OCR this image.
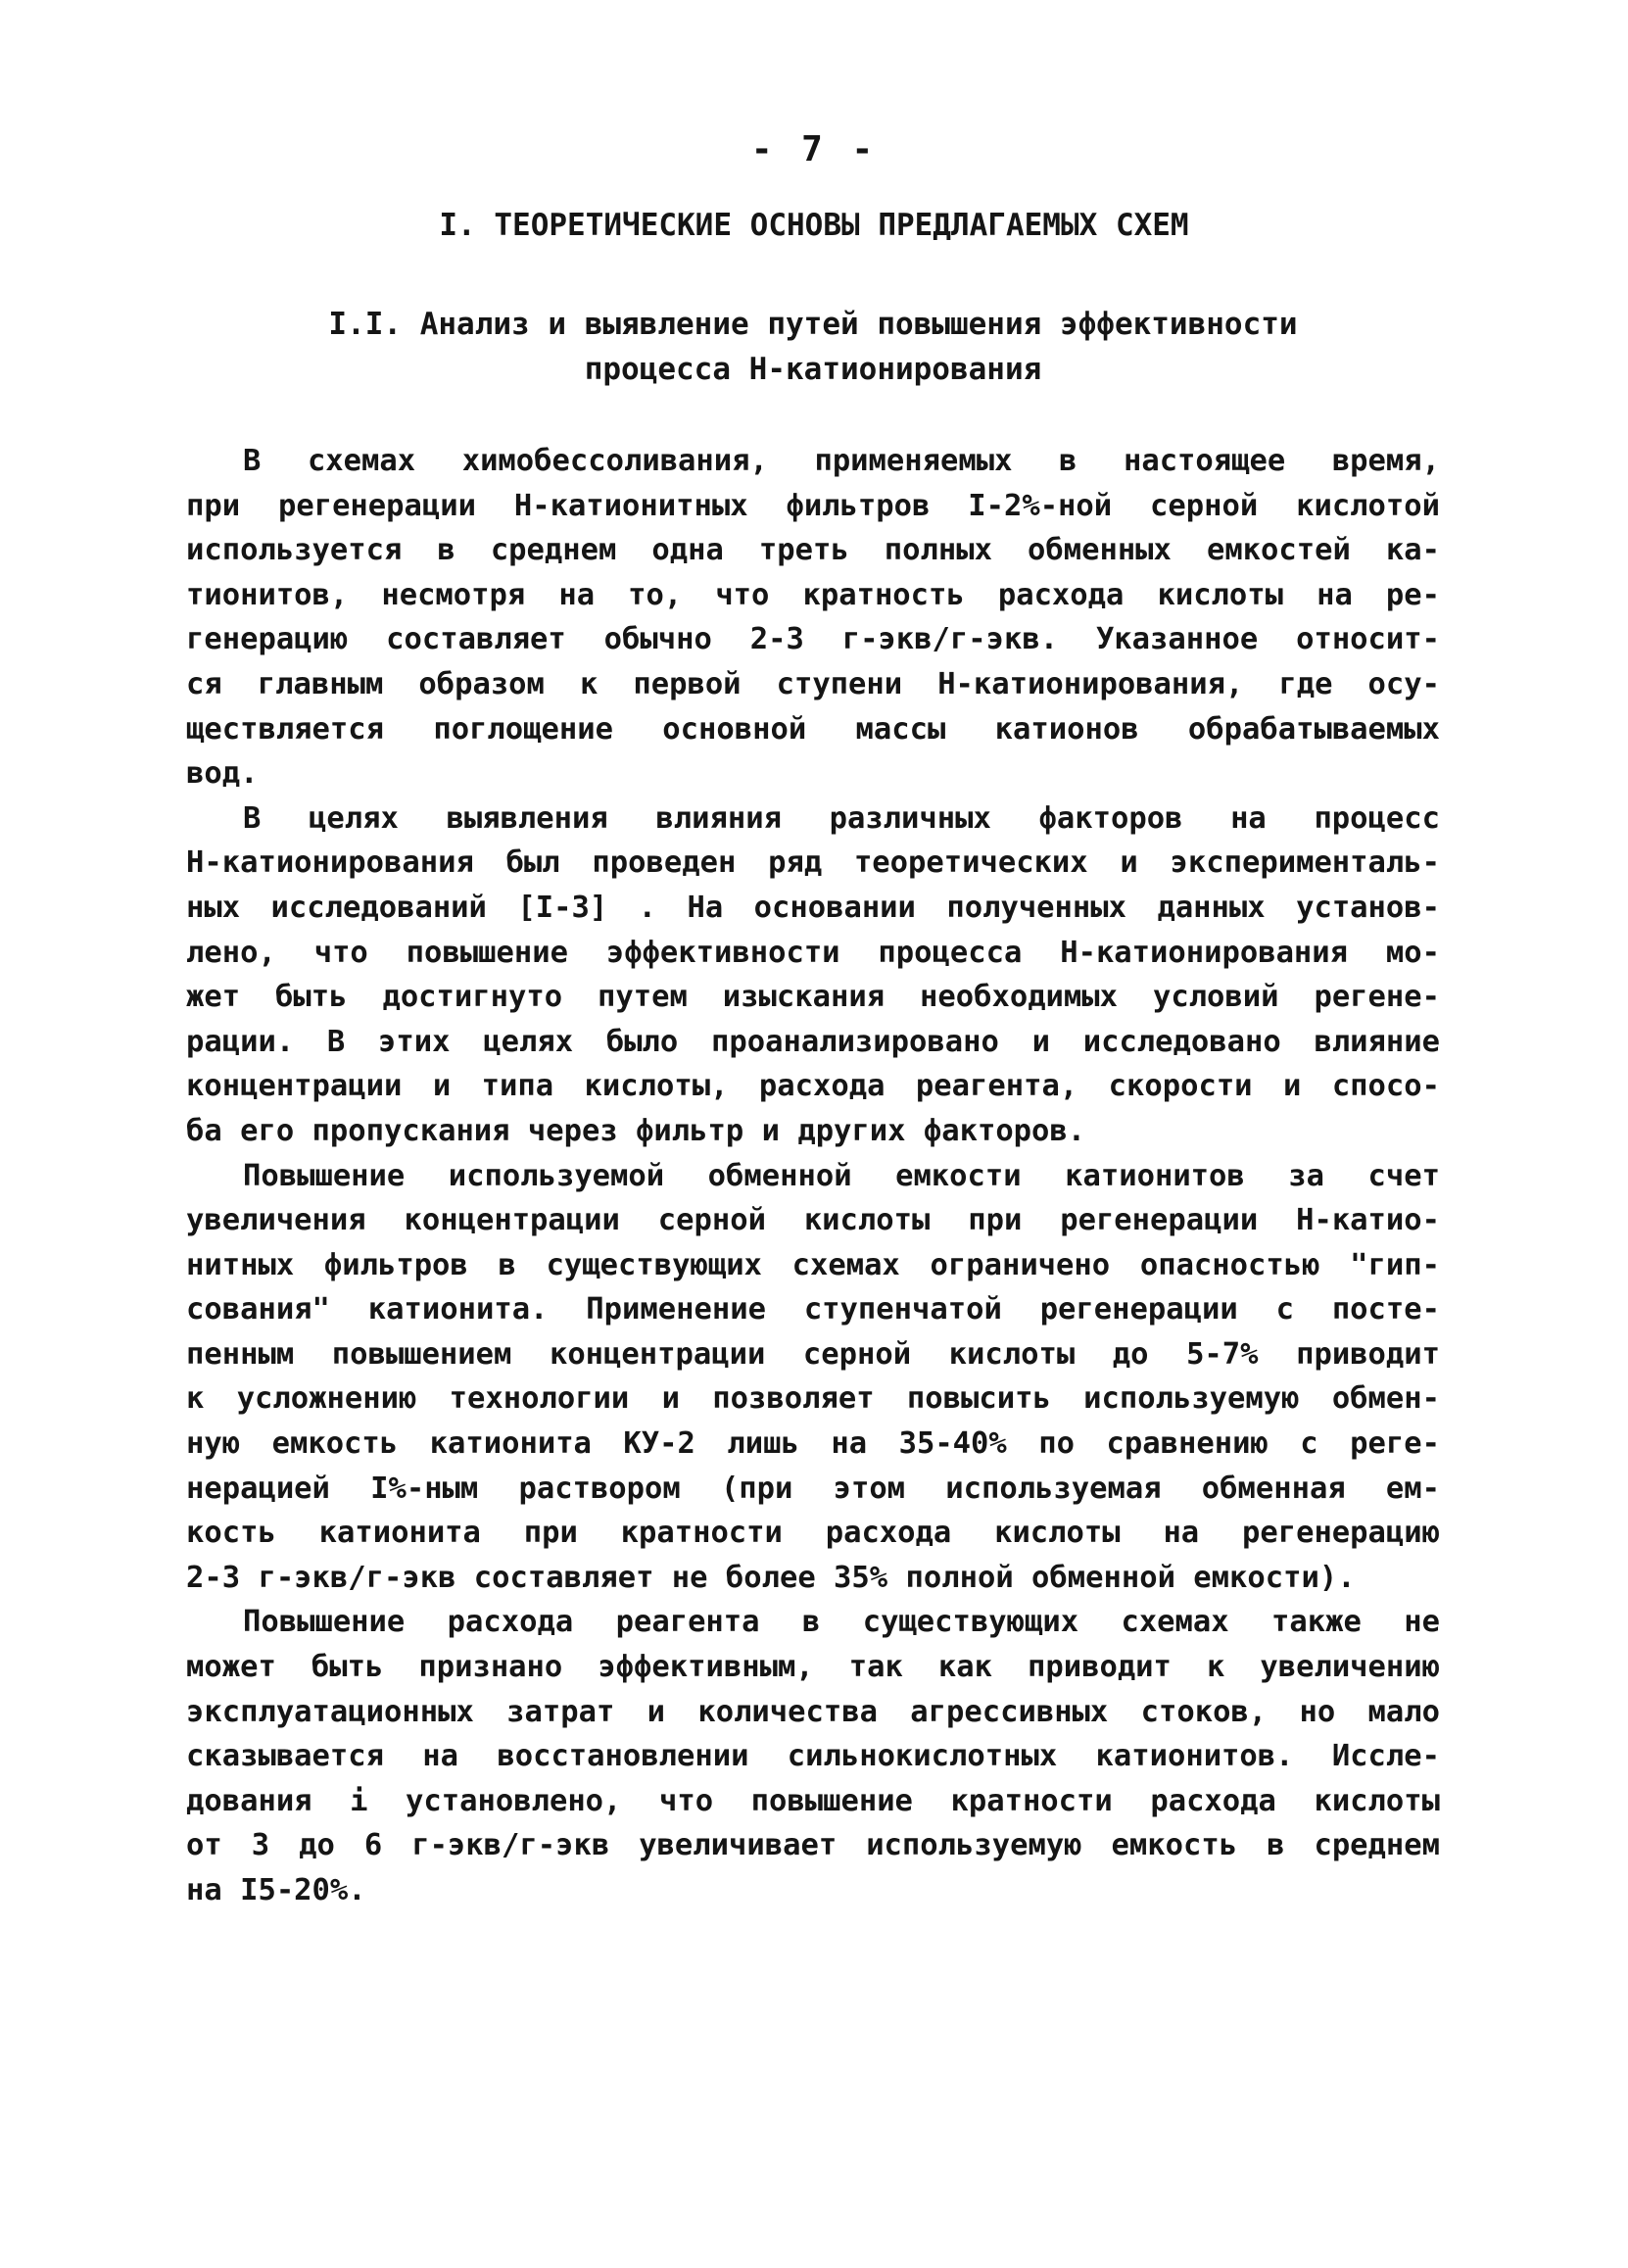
- 7 -
I. ТЕОРЕТИЧЕСКИЕ ОСНОВЫ ПРЕДЛАГАЕМЫХ СХЕМ
I.I. Анализ и выявление путей повышения эффективности
процесса Н-катионирования
В схемах химобессоливания, применяемых в настоящее время,
при регенерации Н-катионитных фильтров I-2%-ной серной кислотой
используется в среднем одна треть полных обменных емкостей ка-
тионитов, несмотря на то, что кратность расхода кислоты на ре-
генерацию составляет обычно 2-3 г-экв/г-экв. Указанное относит-
ся главным образом к первой ступени Н-катионирования, где осу-
ществляется поглощение основной массы катионов обрабатываемых
вод.
В целях выявления влияния различных факторов на процесс
Н-катионирования был проведен ряд теоретических и эксперименталь-
ных исследований [I-3] . На основании полученных данных установ-
лено, что повышение эффективности процесса Н-катионирования мо-
жет быть достигнуто путем изыскания необходимых условий регене-
рации. В этих целях было проанализировано и исследовано влияние
концентрации и типа кислоты, расхода реагента, скорости и спосо-
ба его пропускания через фильтр и других факторов.
Повышение используемой обменной емкости катионитов за счет
увеличения концентрации серной кислоты при регенерации Н-катио-
нитных фильтров в существующих схемах ограничено опасностью "гип-
сования" катионита. Применение ступенчатой регенерации с посте-
пенным повышением концентрации серной кислоты до 5-7% приводит
к усложнению технологии и позволяет повысить используемую обмен-
ную емкость катионита КУ-2 лишь на 35-40% по сравнению с реге-
нерацией I%-ным раствором (при этом используемая обменная ем-
кость катионита при кратности расхода кислоты на регенерацию
2-3 г-экв/г-экв составляет не более 35% полной обменной емкости).
Повышение расхода реагента в существующих схемах также не
может быть признано эффективным, так как приводит к увеличению
эксплуатационных затрат и количества агрессивных стоков, но мало
сказывается на восстановлении сильнокислотных катионитов. Иссле-
дования і установлено, что повышение кратности расхода кислоты
от 3 до 6 г-экв/г-экв увеличивает используемую емкость в среднем
на I5-20%.
